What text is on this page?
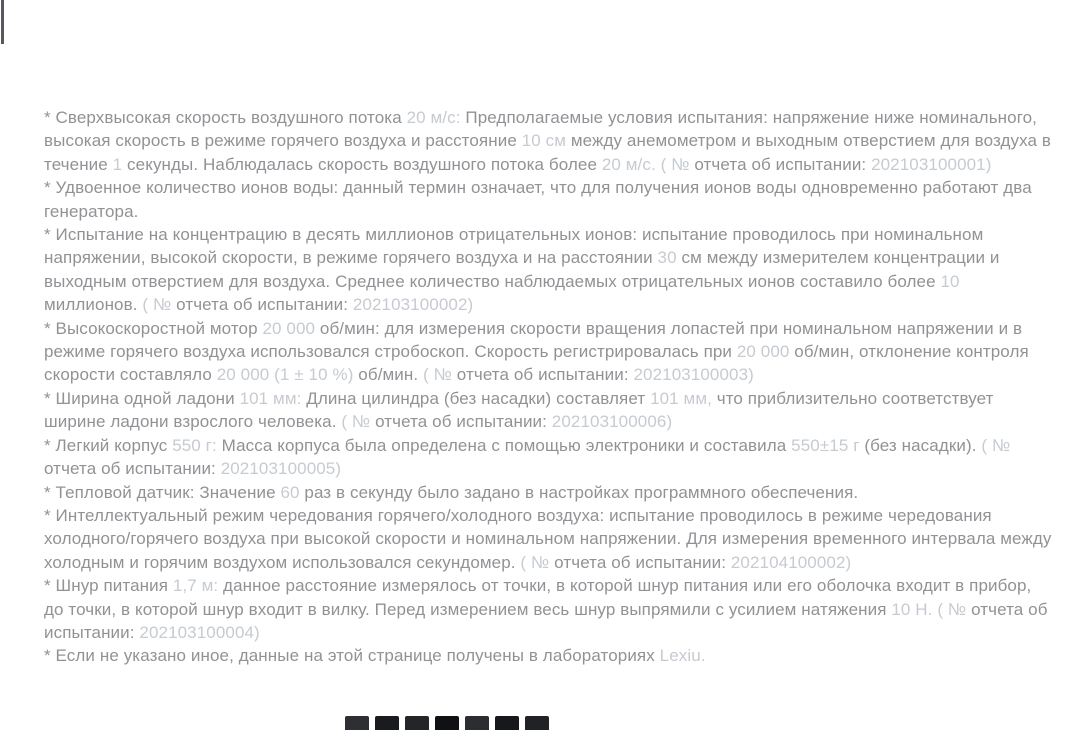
* Сверхвысокая скорость воздушного потока 20 м/с: Предполагаемые условия испытания: напряжение ниже номинального, высокая скорость в режиме горячего воздуха и расстояние 10 см между анемометром и выходным отверстием для воздуха в течение 1 секунды. Наблюдалась скорость воздушного потока более 20 м/с. ( № отчета об испытании: 202103100001)

* Удвоенное количество ионов воды: данный термин означает, что для получения ионов воды одновременно работают два генератора.

* Испытание на концентрацию в десять миллионов отрицательных ионов: испытание проводилось при номинальном напряжении, высокой скорости, в режиме горячего воздуха и на расстоянии 30 см между измерителем концентрации и выходным отверстием для воздуха. Среднее количество наблюдаемых отрицательных ионов составило более 10 миллионов. ( № отчета об испытании: 202103100002)

* Высокоскоростной мотор 20 000 об/мин: для измерения скорости вращения лопастей при номинальном напряжении и в режиме горячего воздуха использовался стробоскоп. Скорость регистрировалась при 20 000 об/мин, отклонение контроля скорости составляло 20 000 (1 ± 10 %) об/мин. ( № отчета об испытании: 202103100003)

* Ширина одной ладони 101 мм: Длина цилиндра (без насадки) составляет 101 мм, что приблизительно соответствует ширине ладони взрослого человека. ( № отчета об испытании: 202103100006)

* Легкий корпус 550 г: Масса корпуса была определена с помощью электроники и составила 550±15 г (без насадки). ( № отчета об испытании: 202103100005)

* Тепловой датчик: Значение 60 раз в секунду было задано в настройках программного обеспечения.

* Интеллектуальный режим чередования горячего/холодного воздуха: испытание проводилось в режиме чередования холодного/горячего воздуха при высокой скорости и номинальном напряжении. Для измерения временного интервала между холодным и горячим воздухом использовался секундомер. ( № отчета об испытании: 202104100002)

* Шнур питания 1,7 м: данное расстояние измерялось от точки, в которой шнур питания или его оболочка входит в прибор, до точки, в которой шнур входит в вилку. Перед измерением весь шнур выпрямили с усилием натяжения 10 Н. ( № отчета об испытании: 202103100004)

* Если не указано иное, данные на этой странице получены в лабораториях Lexiu.
